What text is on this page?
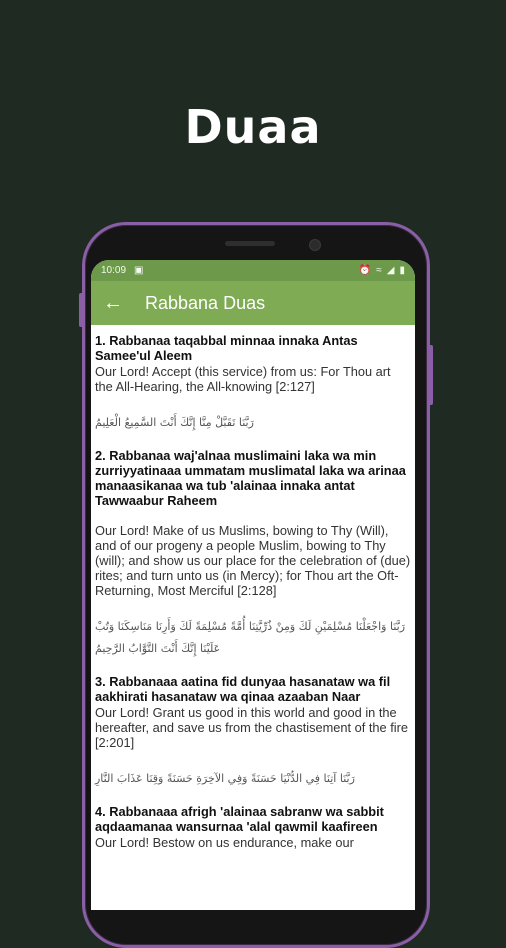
Duaa
10:09 ▣	⏰ ≈ ◢ ▮
← Rabbana Duas
1. Rabbanaa taqabbal minnaa innaka Antas Samee'ul Aleem
Our Lord! Accept (this service) from us: For Thou art the All-Hearing, the All-knowing [2:127]
رَبَّنَا تَقَبَّلْ مِنَّا إِنَّكَ أَنْتَ السَّمِيعُ الْعَلِيمُ
2. Rabbanaa waj'alnaa muslimaini laka wa min zurriyyatinaaa ummatam muslimatal laka wa arinaa manaasikanaa wa tub 'alainaa innaka antat Tawwaabur Raheem
Our Lord! Make of us Muslims, bowing to Thy (Will), and of our progeny a people Muslim, bowing to Thy (will); and show us our place for the celebration of (due) rites; and turn unto us (in Mercy); for Thou art the Oft-Returning, Most Merciful [2:128]
رَبَّنَا وَاجْعَلْنَا مُسْلِمَيْنِ لَكَ وَمِنْ ذُرِّيَّتِنَا أُمَّةً مُسْلِمَةً لَكَ وَأَرِنَا مَنَاسِكَنَا وَتُبْ عَلَيْنَا إِنَّكَ أَنْتَ التَّوَّابُ الرَّحِيمُ
3. Rabbanaaa aatina fid dunyaa hasanataw wa fil aakhirati hasanataw wa qinaa azaaban Naar
Our Lord! Grant us good in this world and good in the hereafter, and save us from the chastisement of the fire [2:201]
رَبَّنَا آتِنَا فِي الدُّنْيَا حَسَنَةً وَفِي الآخِرَةِ حَسَنَةً وَقِنَا عَذَابَ النَّارِ
4. Rabbanaaa afrigh 'alainaa sabranw wa sabbit aqdaamanaa wansurnaa 'alal qawmil kaafireen
Our Lord! Bestow on us endurance, make our
